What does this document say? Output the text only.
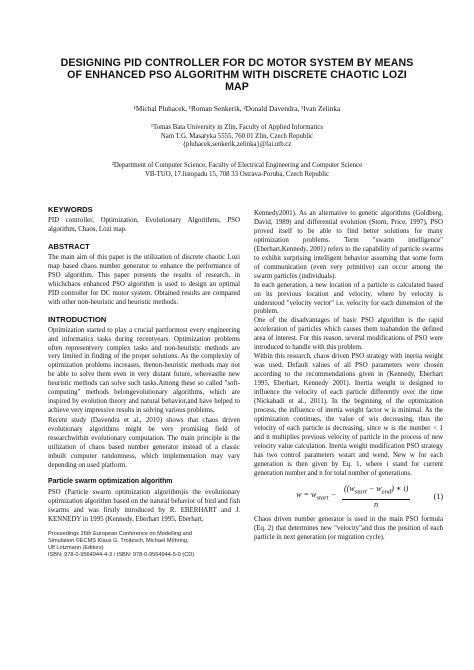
DESIGNING PID CONTROLLER FOR DC MOTOR SYSTEM BY MEANS
OF ENHANCED PSO ALGORITHM WITH DISCRETE CHAOTIC LOZI
MAP
¹Michal Pluhacek, ¹Roman Senkerik, ²Donald Davendra, ¹Ivan Zelinka
¹Tomas Bata University in Zlin, Faculty of Applied Informatics
Nam T.G. Masaryka 5555, 760 01 Zlin, Czech Republic
{pluhacek,senkerik,zelinka}@fai.utb.cz
²Department of Computer Science, Faculty of Electrical Engineering and Computer Science
VB-TUO, 17.listopadu 15, 708 33 Ostrava-Poruba, Czech Republic
KEYWORDS
PID controller, Optimization, Evolutionary Algorithms, PSO algorithm, Chaos, Lozi map.
ABSTRACT
The main aim of this paper is the utilization of discrete chaotic Lozi map based chaos number generator to enhance the performance of PSO algorithm. This paper presents the results of research, in whichchaos enhanced PSO algorithm is used to design an optimal PID controller for DC motor system. Obtained results are compared with other non-heuristic and heuristic methods.
INTRODUCTION
Optimization started to play a crucial partformost every engineering and informatics tasks during recentyears. Optimization problems often representvery complex tasks and non-heuristic methods are very limited in finding of the proper solutions. As the complexity of optimization problems increases, thenon-heuristic methods may not be able to solve them even in very distant future, whereasthe new heuristic methods can solve such tasks.Among these so called "soft-computing" methods belongevolutionary algorithms, which are inspired by evolution theory and natural behavior,and have helped to achieve very impressive results in solving various problems.
Recent study (Davendra et al., 2010) shows that chaos driven evolutionary algorithms might be very promising field of researchwithin evolutionary computation. The main principle is the utilization of chaos based number generator instead of a classic inbuilt computer randomness, which implementation may vary depending on used platform.
Particle swarm optimization algorithm
PSO (Particle swarm optimization algorithm)is the evolutionary optimization algorithm based on the natural behavior of bird and fish swarms and was firstly introduced by R. EBERHART and J. KENNEDY in 1995 (Kennedy, Eberhart 1995, Eberhart,
Proceedings 26th European Conference on Modelling and
Simulation ©ECMS Klaus G. Troitzsch, Michael Möhring,
Ulf Lotzmann (Editors)
ISBN: 978-0-9564944-4-3 / ISBN: 978-0-9564944-5-0 (CD)
Kennedy2001). As an alternative to genetic algorithms (Goldberg, David, 1989) and differential evolution (Storn, Price, 1997), PSO proved itself to be able to find better solutions for many optimization problems. Term "swarm intelligence" (Eberhart,Kennedy, 2001) refers to the capability of particle swarms to exhibit surprising intelligent behavior assuming that some form of communication (even very primitive) can occur among the swarm particles (individuals).
In each generation, a new location of a particle is calculated based on its previous location and velocity, where by velocity is understood "velocity vector" i.e. velocity for each dimension of the problem.
One of the disadvantages of basic PSO algorithm is the rapid acceleration of particles which causes them toabandon the defined area of interest. For this reason, several modifications of PSO were introduced to handle with this problem.
Within this research, chaos driven PSO strategy with inertia weight was used. Default values of all PSO parameters were chosen according to the recommendations given in (Kennedy, Eberhart 1995, Eberhart, Kennedy 2001). Inertia weight is designed to influence the velocity of each particle differently over the time (Nickabadi et al., 2011). In the beginning of the optimization process, the influence of inertia weight factor w is minimal. As the optimization continues, the value of wis decreasing, thus the velocity of each particle is decreasing, since w is the number < 1 and it multiplies previous velocity of particle in the process of new velocity value calculation. Inertia weight modification PSO strategy has two control parameters wstart and wend. New w for each generation is then given by Eq. 1, where i stand for current generation number and n for total number of generations.
$w = w_{start} - \frac{((w_{start} - w_{end}) ∗ i)}{n}$	(1)
Chaos driven number generator is used in the main PSO formula (Eq. 2) that determines new "velocity"and thus the position of each particle in next generation (or migration cycle).
